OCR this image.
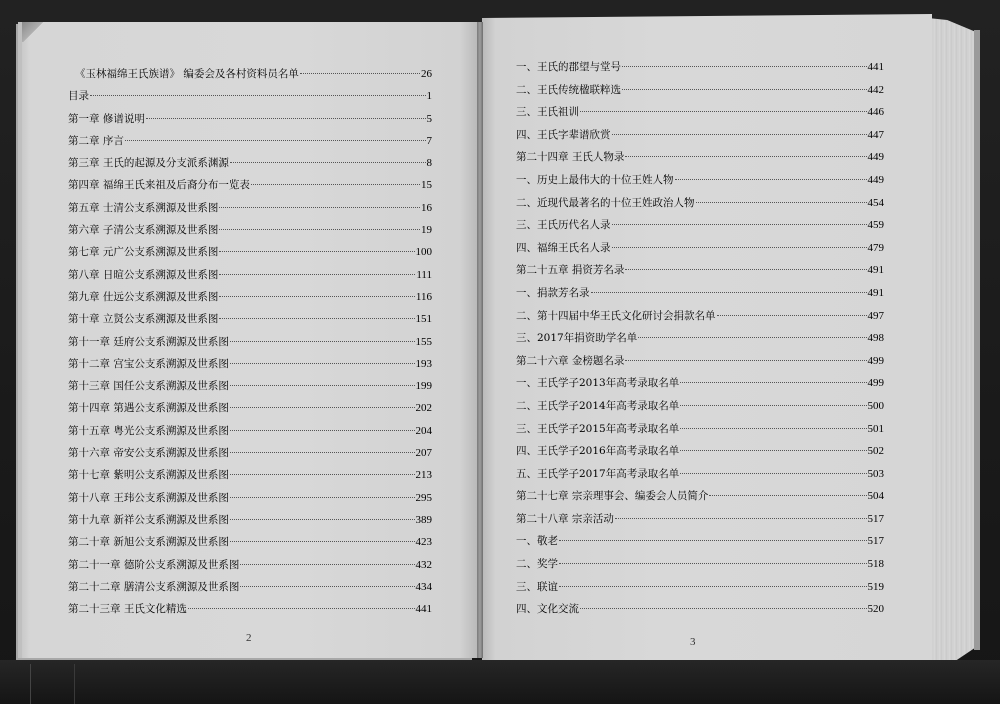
《玉林福绵王氏族谱》 编委会及各村资料员名单	26
目录	1
第一章 修谱说明	5
第二章 序言	7
第三章 王氏的起源及分支派系渊源	8
第四章 福绵王氏来祖及后裔分布一览表	15
第五章 士清公支系溯源及世系图	16
第六章 子清公支系溯源及世系图	19
第七章 元广公支系溯源及世系图	100
第八章 日暄公支系溯源及世系图	111
第九章 仕远公支系溯源及世系图	116
第十章 立贤公支系溯源及世系图	151
第十一章 廷府公支系溯源及世系图	155
第十二章 宫宝公支系溯源及世系图	193
第十三章 国任公支系溯源及世系图	199
第十四章 第遇公支系溯源及世系图	202
第十五章 粤光公支系溯源及世系图	204
第十六章 帝安公支系溯源及世系图	207
第十七章 紫明公支系溯源及世系图	213
第十八章 王玮公支系溯源及世系图	295
第十九章 新祥公支系溯源及世系图	389
第二十章 新旭公支系溯源及世系图	423
第二十一章 德阶公支系溯源及世系图	432
第二十二章 膳清公支系溯源及世系图	434
第二十三章 王氏文化精选	441
一、王氏的郡望与堂号	441
二、王氏传统楹联粹选	442
三、王氏祖训	446
四、王氏字辈谱欣赏	447
第二十四章 王氏人物录	449
一、历史上最伟大的十位王姓人物	449
二、近现代最著名的十位王姓政治人物	454
三、王氏历代名人录	459
四、福绵王氏名人录	479
第二十五章 捐资芳名录	491
一、捐款芳名录	491
二、第十四届中华王氏文化研讨会捐款名单	497
三、2017年捐资助学名单	498
第二十六章 金榜题名录	499
一、王氏学子2013年高考录取名单	499
二、王氏学子2014年高考录取名单	500
三、王氏学子2015年高考录取名单	501
四、王氏学子2016年高考录取名单	502
五、王氏学子2017年高考录取名单	503
第二十七章 宗亲理事会、编委会人员简介	504
第二十八章 宗亲活动	517
一、敬老	517
二、奖学	518
三、联谊	519
四、文化交流	520
2	3
